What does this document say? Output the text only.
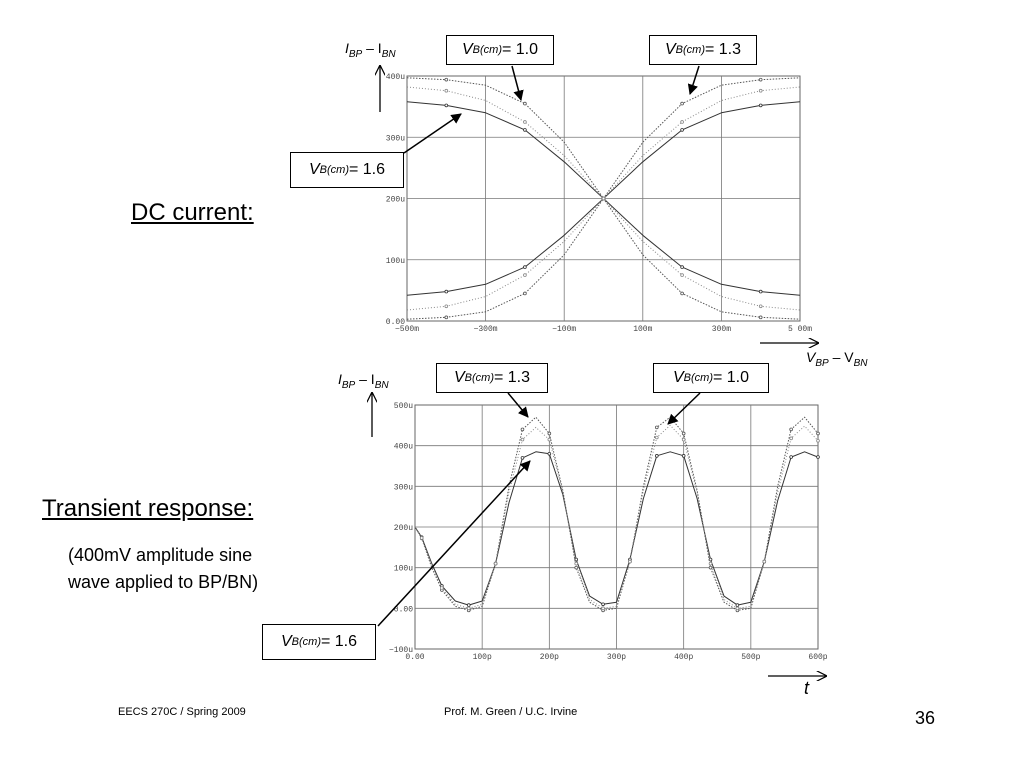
−500m	−300m	−100m	100m	300m	5 00m
0.00
100u
200u
300u
400u
0.00	100p	200p	300p	400p	500p	600p
−100u
0.00
100u
200u
300u
400u
500u
DC current:
Transient response:
(400mV amplitude sine
wave applied to BP/BN)
$I_{BP} - I_{BN}$
$I_{BP} - I_{BN}$
$V_{BP} - V_{BN}$
t
V B(cm) = 1.0	V B(cm) = 1.3
V B(cm) = 1.6
V B(cm) = 1.3	V B(cm) = 1.0
V B(cm) = 1.6
EECS 270C / Spring 2009	Prof. M. Green / U.C. Irvine	36
